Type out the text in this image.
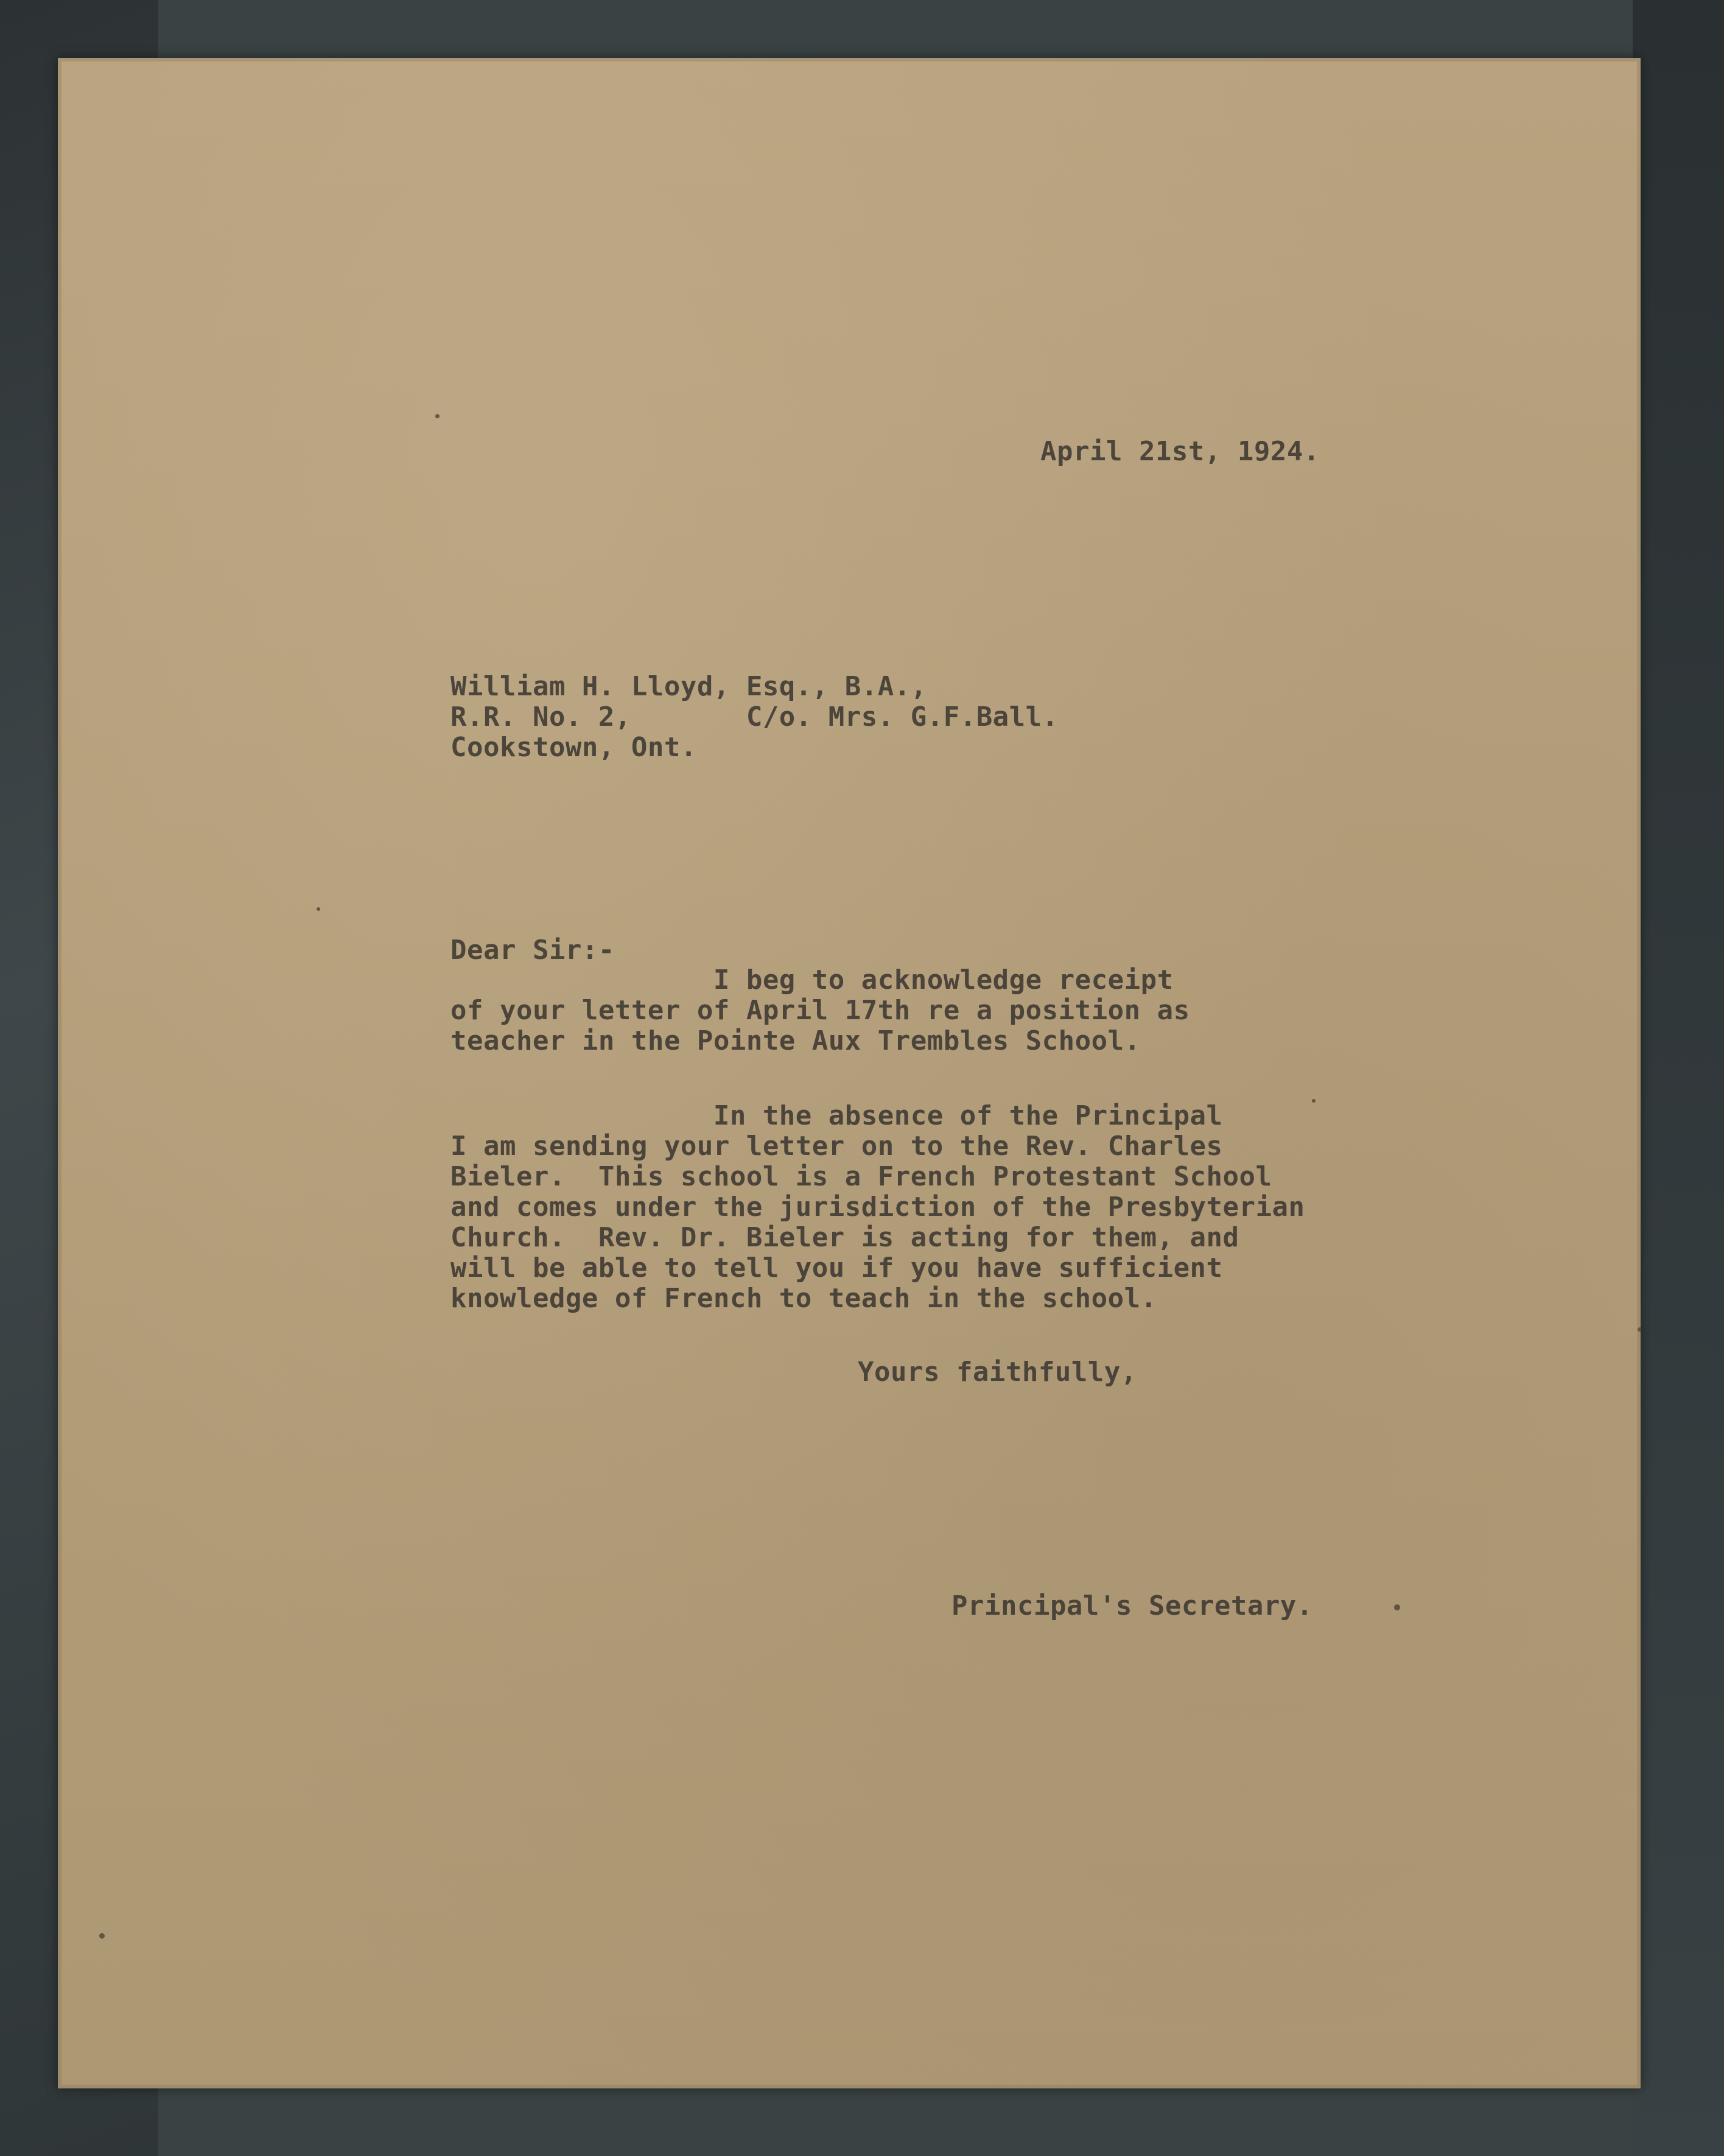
April 21st, 1924.
William H. Lloyd, Esq., B.A.,
R.R. No. 2,       C/o. Mrs. G.F.Ball.
Cookstown, Ont.
Dear Sir:-
I beg to acknowledge receipt
of your letter of April 17th re a position as
teacher in the Pointe Aux Trembles School.
In the absence of the Principal
I am sending your letter on to the Rev. Charles
Bieler.  This school is a French Protestant School
and comes under the jurisdiction of the Presbyterian
Church.  Rev. Dr. Bieler is acting for them, and
will be able to tell you if you have sufficient
knowledge of French to teach in the school.
Yours faithfully,
Principal's Secretary.
